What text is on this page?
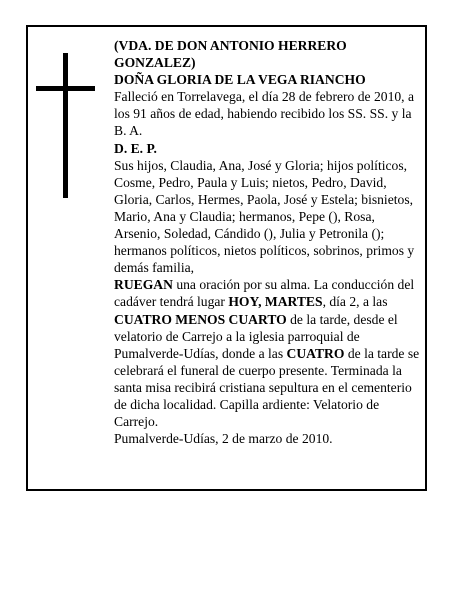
(VDA. DE DON ANTONIO HERRERO GONZALEZ)

DOÑA GLORIA DE LA VEGA RIANCHO

Falleció en Torrelavega, el día 28 de febrero de 2010, a los 91 años de edad, habiendo recibido los SS. SS. y la B. A.

D. E. P.

Sus hijos, Claudia, Ana, José y Gloria; hijos políticos, Cosme, Pedro, Paula y Luis; nietos, Pedro, David, Gloria, Carlos, Hermes, Paola, José y Estela; bisnietos, Mario, Ana y Claudia; hermanos, Pepe (), Rosa, Arsenio, Soledad, Cándido (), Julia y Petronila (); hermanos políticos, nietos políticos, sobrinos, primos y demás familia,

RUEGAN una oración por su alma. La conducción del cadáver tendrá lugar HOY, MARTES, día 2, a las CUATRO MENOS CUARTO de la tarde, desde el velatorio de Carrejo a la iglesia parroquial de Pumalverde-Udías, donde a las CUATRO de la tarde se celebrará el funeral de cuerpo presente. Terminada la santa misa recibirá cristiana sepultura en el cementerio de dicha localidad. Capilla ardiente: Velatorio de Carrejo.

Pumalverde-Udías, 2 de marzo de 2010.
